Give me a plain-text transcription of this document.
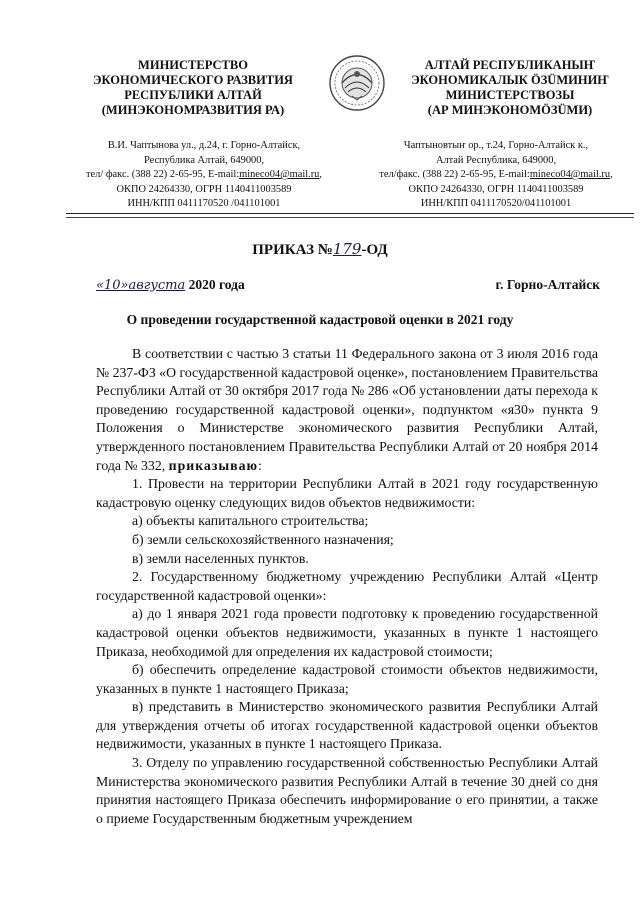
МИНИСТЕРСТВО
ЭКОНОМИЧЕСКОГО РАЗВИТИЯ
РЕСПУБЛИКИ АЛТАЙ
(МИНЭКОНОМРАЗВИТИЯ РА)
АЛТАЙ РЕСПУБЛИКАНЫҤ
ЭКОНОМИКАЛЫК ÖЗÜМИНИҤ
МИНИСТЕРСТВОЗЫ
(АР МИНЭКОНОМÖЗÜМИ)
В.И. Чаптынова ул., д.24, г. Горно-Алтайск,
Республика Алтай, 649000,
тел/ факс. (388 22) 2-65-95, E-mail:mineco04@mail.ru,
ОКПО 24264330, ОГРН 1140411003589
ИНН/КПП 0411170520 /041101001
Чаптыновтыҥ ор., т.24, Горно-Алтайск к.,
Алтай Республика, 649000,
тел/факс. (388 22) 2-65-95, E-mail:mineco04@mail.ru,
ОКПО 24264330, ОГРН 1140411003589
ИНН/КПП 0411170520/041101001
ПРИКАЗ №179-ОД
«10»августа 2020 года	г. Горно-Алтайск
О проведении государственной кадастровой оценки в 2021 году

В соответствии с частью 3 статьи 11 Федерального закона от 3 июля 2016 года № 237-ФЗ «О государственной кадастровой оценке», постановлением Правительства Республики Алтай от 30 октября 2017 года № 286 «Об установлении даты перехода к проведению государственной кадастровой оценки», подпунктом «я30» пункта 9 Положения о Министерстве экономического развития Республики Алтай, утвержденного постановлением Правительства Республики Алтай от 20 ноября 2014 года № 332, приказываю:

1. Провести на территории Республики Алтай в 2021 году государственную кадастровую оценку следующих видов объектов недвижимости:

а) объекты капитального строительства;

б) земли сельскохозяйственного назначения;

в) земли населенных пунктов.

2. Государственному бюджетному учреждению Республики Алтай «Центр государственной кадастровой оценки»:

а) до 1 января 2021 года провести подготовку к проведению государственной кадастровой оценки объектов недвижимости, указанных в пункте 1 настоящего Приказа, необходимой для определения их кадастровой стоимости;

б) обеспечить определение кадастровой стоимости объектов недвижимости, указанных в пункте 1 настоящего Приказа;

в) представить в Министерство экономического развития Республики Алтай для утверждения отчеты об итогах государственной кадастровой оценки объектов недвижимости, указанных в пункте 1 настоящего Приказа.

3. Отделу по управлению государственной собственностью Республики Алтай Министерства экономического развития Республики Алтай в течение 30 дней со дня принятия настоящего Приказа обеспечить информирование о его принятии, а также о приеме Государственным бюджетным учреждением
